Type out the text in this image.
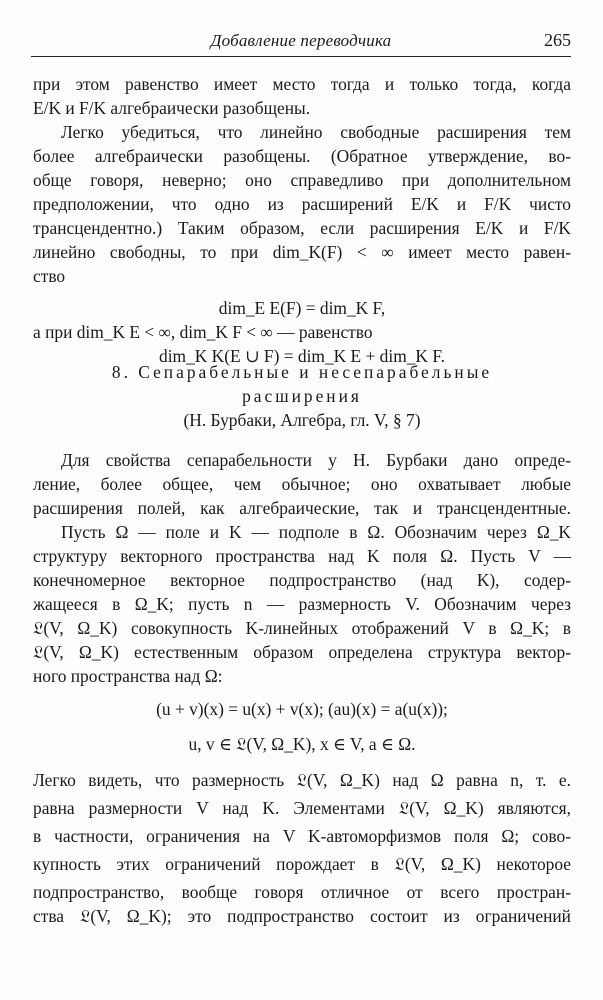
Добавление переводчика	265

при этом равенство имеет место тогда и только тогда, когда

E/K и F/K алгебраически разобщены.

Легко убедиться, что линейно свободные расширения тем

более алгебраически разобщены. (Обратное утверждение, во-

обще говоря, неверно; оно справедливо при дополнительном

предположении, что одно из расширений E/K и F/K чисто

трансцендентно.) Таким образом, если расширения E/K и F/K

линейно свободны, то при dim_K(F) < ∞ имеет место равен-

ство

dim_E E(F) = dim_K F,

а при dim_K E < ∞, dim_K F < ∞ — равенство

dim_K K(E ∪ F) = dim_K E + dim_K F.

8. Сепарабельные и несепарабельные

расширения

(Н. Бурбаки, Алгебра, гл. V, § 7)

Для свойства сепарабельности у Н. Бурбаки дано опреде-

ление, более общее, чем обычное; оно охватывает любые

расширения полей, как алгебраические, так и трансцендентные.

Пусть Ω — поле и K — подполе в Ω. Обозначим через Ω_K

структуру векторного пространства над K поля Ω. Пусть V —

конечномерное векторное подпространство (над K), содер-

жащееся в Ω_K; пусть n — размерность V. Обозначим через

𝔏(V, Ω_K) совокупность K-линейных отображений V в Ω_K; в

𝔏(V, Ω_K) естественным образом определена структура вектор-

ного пространства над Ω:

(u + v)(x) = u(x) + v(x); (au)(x) = a(u(x));

u, v ∈ 𝔏(V, Ω_K), x ∈ V, a ∈ Ω.

Легко видеть, что размерность 𝔏(V, Ω_K) над Ω равна n, т. е.

равна размерности V над K. Элементами 𝔏(V, Ω_K) являются,

в частности, ограничения на V K-автоморфизмов поля Ω; сово-

купность этих ограничений порождает в 𝔏(V, Ω_K) некоторое

подпространство, вообще говоря отличное от всего простран-

ства 𝔏(V, Ω_K); это подпространство состоит из ограничений
